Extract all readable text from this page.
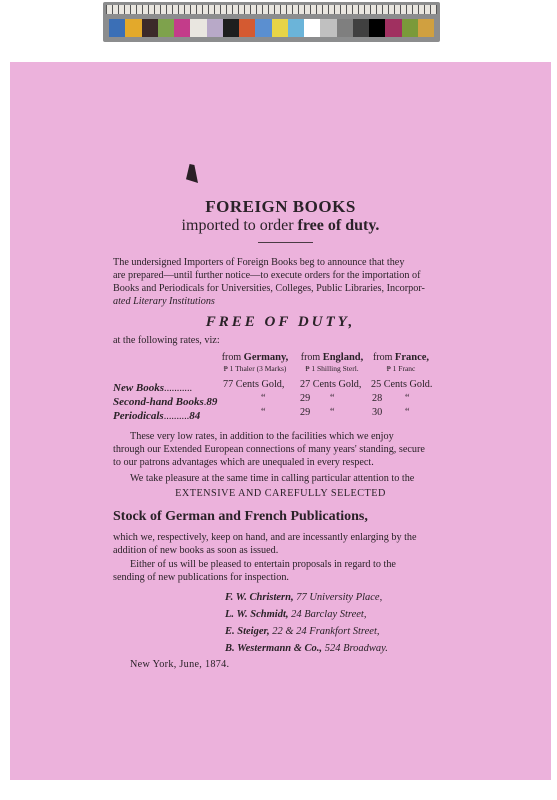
FOREIGN BOOKS
imported to order free of duty.
The undersigned Importers of Foreign Books beg to announce that they
are prepared—until further notice—to execute orders for the importation of
Books and Periodicals for Universities, Colleges, Public Libraries, Incorpor-
ated Literary Institutions
FREE OF DUTY,
at the following rates, viz:
from Germany,
₱ 1 Thaler (3 Marks)
from England,
₱ 1 Shilling Sterl.
from France,
₱ 1 Franc
New Books...........	77 Cents Gold, 27 Cents Gold, 25 Cents Gold.
Second-hand Books.89	“	29 “	28 “
Periodicals..........84	“	29 “	30 “
These very low rates, in addition to the facilities which we enjoy
through our Extended European connections of many years' standing, secure
to our patrons advantages which are unequaled in every respect.
We take pleasure at the same time in calling particular attention to the
EXTENSIVE AND CAREFULLY SELECTED
Stock of German and French Publications,
which we, respectively, keep on hand, and are incessantly enlarging by the
addition of new books as soon as issued.
Either of us will be pleased to entertain proposals in regard to the
sending of new publications for inspection.
F. W. Christern, 77 University Place,
L. W. Schmidt, 24 Barclay Street,
E. Steiger, 22 & 24 Frankfort Street,
B. Westermann & Co., 524 Broadway.
New York, June, 1874.
